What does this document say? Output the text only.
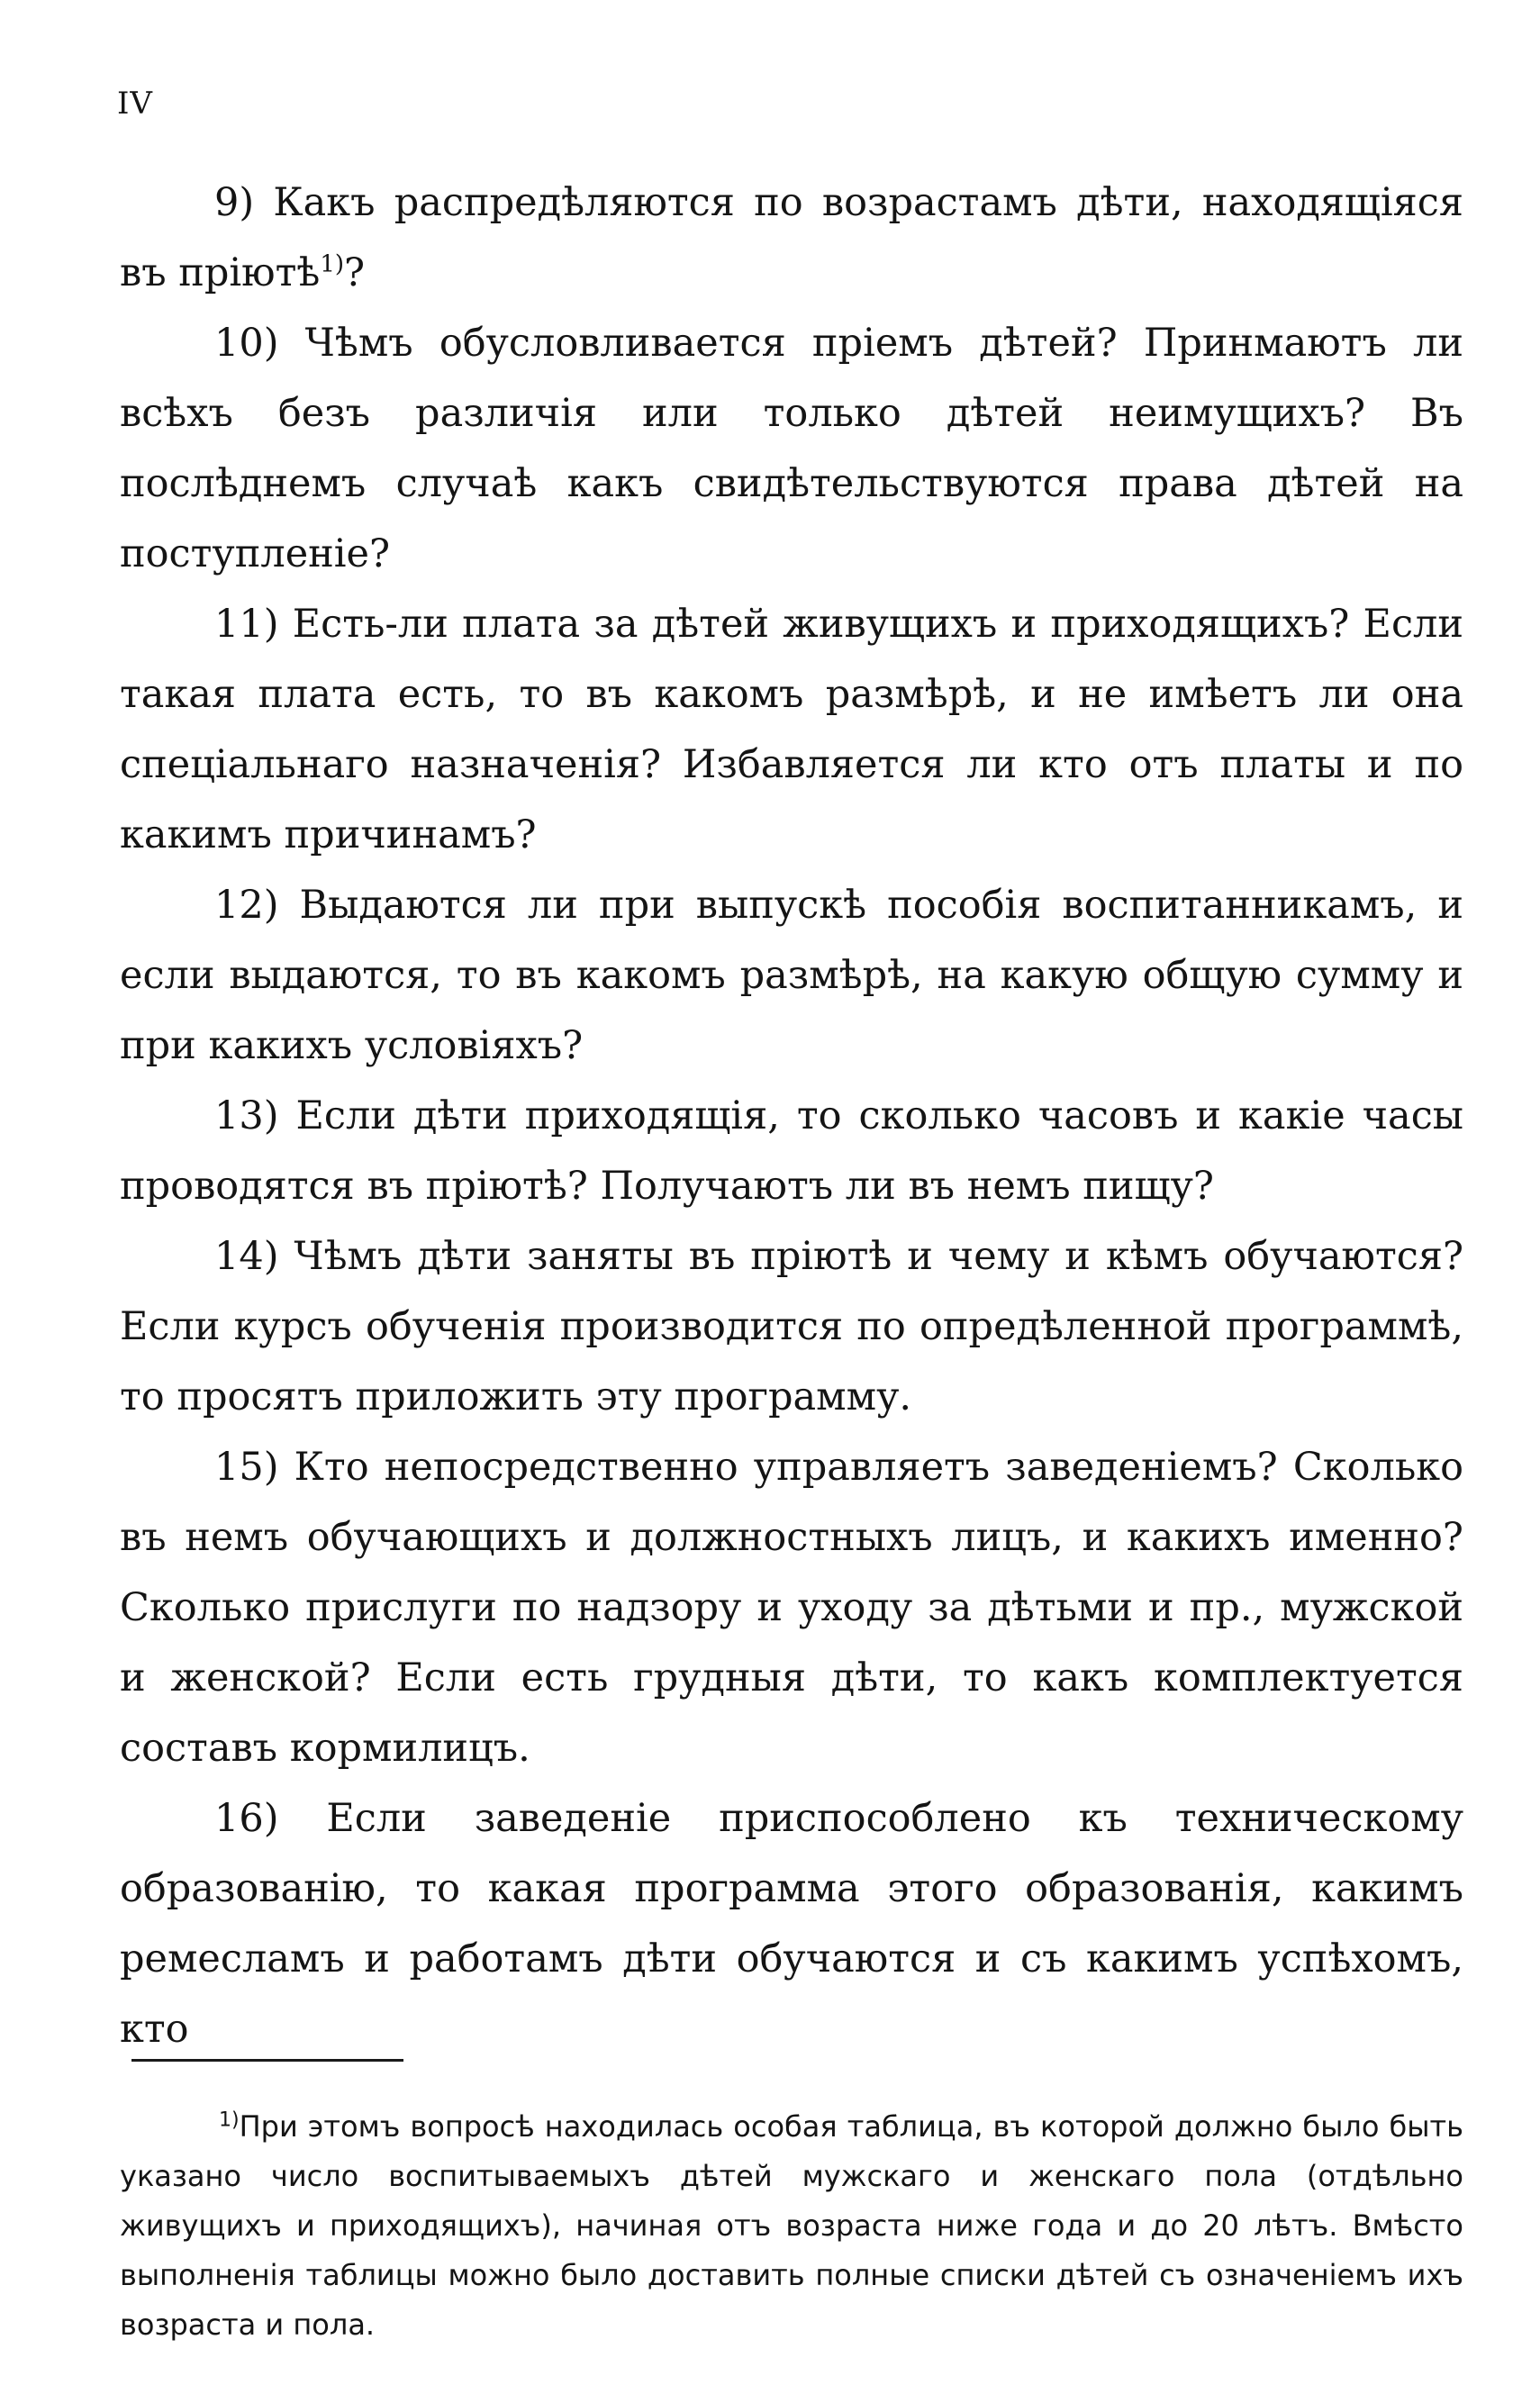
IV

9) Какъ распредѣляются по возрастамъ дѣти, находящіяся въ пріютѣ$^{1)}$?

10) Чѣмъ обусловливается пріемъ дѣтей? Принмаютъ ли всѣхъ безъ различія или только дѣтей неимущихъ? Въ послѣднемъ случаѣ какъ свидѣтельствуются права дѣтей на поступленіе?

11) Есть-ли плата за дѣтей живущихъ и приходящихъ? Если такая плата есть, то въ какомъ размѣрѣ, и не имѣетъ ли она спеціальнаго назначенія? Избавляется ли кто отъ платы и по какимъ причинамъ?

12) Выдаются ли при выпускѣ пособія воспитанникамъ, и если выдаются, то въ какомъ размѣрѣ, на какую общую сумму и при какихъ условіяхъ?

13) Если дѣти приходящія, то сколько часовъ и какіе часы проводятся въ пріютѣ? Получаютъ ли въ немъ пищу?

14) Чѣмъ дѣти заняты въ пріютѣ и чему и кѣмъ обучаются? Если курсъ обученія производится по опредѣленной программѣ, то просятъ приложить эту программу.

15) Кто непосредственно управляетъ заведеніемъ? Сколько въ немъ обучающихъ и должностныхъ лицъ, и какихъ именно? Сколько прислуги по надзору и уходу за дѣтьми и пр., мужской и женской? Если есть грудныя дѣти, то какъ комплектуется составъ кормилицъ.

16) Если заведеніе приспособлено къ техническому образованію, то какая программа этого образованія, какимъ ремесламъ и работамъ дѣти обучаются и съ какимъ успѣхомъ, кто

$^{1)}$При этомъ вопросѣ находилась особая таблица, въ которой должно было быть указано число воспитываемыхъ дѣтей мужскаго и женскаго пола (отдѣльно живущихъ и приходящихъ), начиная отъ возраста ниже года и до 20 лѣтъ. Вмѣсто выполненія таблицы можно было доставить полные списки дѣтей съ означеніемъ ихъ возраста и пола.
